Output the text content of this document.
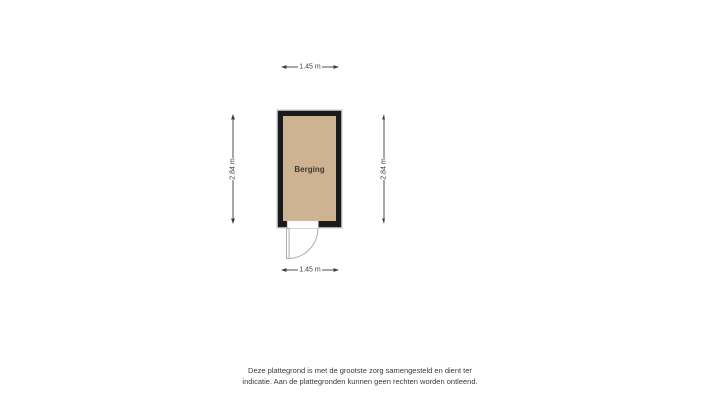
Berging
1.45 m
1.45 m
2.84 m	2.84 m
Deze plattegrond is met de grootste zorg samengesteld en dient ter
indicatie. Aan de plattegronden kunnen geen rechten worden ontleend.
